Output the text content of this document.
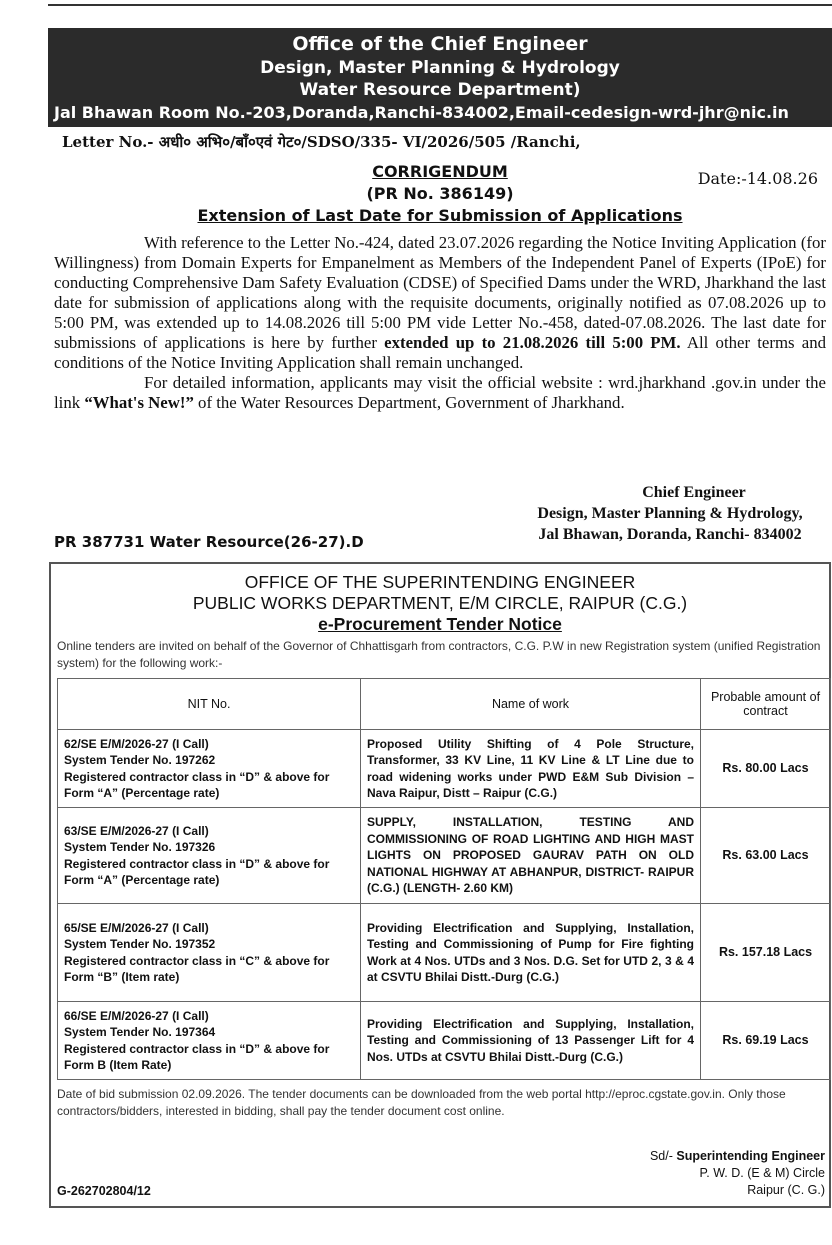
Office of the Chief Engineer
Design, Master Planning & Hydrology
Water Resource Department)
Jal Bhawan Room No.-203,Doranda,Ranchi-834002,Email-cedesign-wrd-jhr@nic.in
Letter No.- अधी० अभि०/बाँ०एवं गेट०/SDSO/335- VI/2026/505 /Ranchi,
Date:-14.08.26
CORRIGENDUM
(PR No. 386149)
Extension of Last Date for Submission of Applications

With reference to the Letter No.-424, dated 23.07.2026 regarding the Notice Inviting Application (for Willingness) from Domain Experts for Empanelment as Members of the Independent Panel of Experts (IPoE) for conducting Comprehensive Dam Safety Evaluation (CDSE) of Specified Dams under the WRD, Jharkhand the last date for submission of applications along with the requisite documents, originally notified as 07.08.2026 up to 5:00 PM, was extended up to 14.08.2026 till 5:00 PM vide Letter No.-458, dated-07.08.2026. The last date for submissions of applications is here by further extended up to 21.08.2026 till 5:00 PM. All other terms and conditions of the Notice Inviting Application shall remain unchanged.

For detailed information, applicants may visit the official website : wrd.jharkhand .gov.in under the link “What's New!” of the Water Resources Department, Government of Jharkhand.

Chief Engineer
Design, Master Planning & Hydrology,
Jal Bhawan, Doranda, Ranchi- 834002
PR 387731 Water Resource(26-27).D
OFFICE OF THE SUPERINTENDING ENGINEER
PUBLIC WORKS DEPARTMENT, E/M CIRCLE, RAIPUR (C.G.)
e-Procurement Tender Notice
Online tenders are invited on behalf of the Governor of Chhattisgarh from contractors, C.G. P.W in new Registration system (unified Registration system) for the following work:-
NIT No.	Name of work	Probable amount of contract

62/SE E/M/2026-27 (I Call)
System Tender No. 197262
Registered contractor class in “D” & above for Form “A” (Percentage rate)	Proposed Utility Shifting of 4 Pole Structure, Transformer, 33 KV Line, 11 KV Line & LT Line due to road widening works under PWD E&M Sub Division – Nava Raipur, Distt – Raipur (C.G.)	Rs. 80.00 Lacs

63/SE E/M/2026-27 (I Call)
System Tender No. 197326
Registered contractor class in “D” & above for Form “A” (Percentage rate)	SUPPLY, INSTALLATION, TESTING AND COMMISSIONING OF ROAD LIGHTING AND HIGH MAST LIGHTS ON PROPOSED GAURAV PATH ON OLD NATIONAL HIGHWAY AT ABHANPUR, DISTRICT- RAIPUR (C.G.) (LENGTH- 2.60 KM)	Rs. 63.00 Lacs

65/SE E/M/2026-27 (I Call)
System Tender No. 197352
Registered contractor class in “C” & above for Form “B” (Item rate)	Providing Electrification and Supplying, Installation, Testing and Commissioning of Pump for Fire fighting Work at 4 Nos. UTDs and 3 Nos. D.G. Set for UTD 2, 3 & 4 at CSVTU Bhilai Distt.-Durg (C.G.)	Rs. 157.18 Lacs

66/SE E/M/2026-27 (I Call)
System Tender No. 197364
Registered contractor class in “D” & above for Form B (Item Rate)	Providing Electrification and Supplying, Installation, Testing and Commissioning of 13 Passenger Lift for 4 Nos. UTDs at CSVTU Bhilai Distt.-Durg (C.G.)	Rs. 69.19 Lacs
Date of bid submission 02.09.2026. The tender documents can be downloaded from the web portal http://eproc.cgstate.gov.in. Only those contractors/bidders, interested in bidding, shall pay the tender document cost online.
Sd/- Superintending Engineer
P. W. D. (E & M) Circle
Raipur (C. G.)
G-262702804/12
